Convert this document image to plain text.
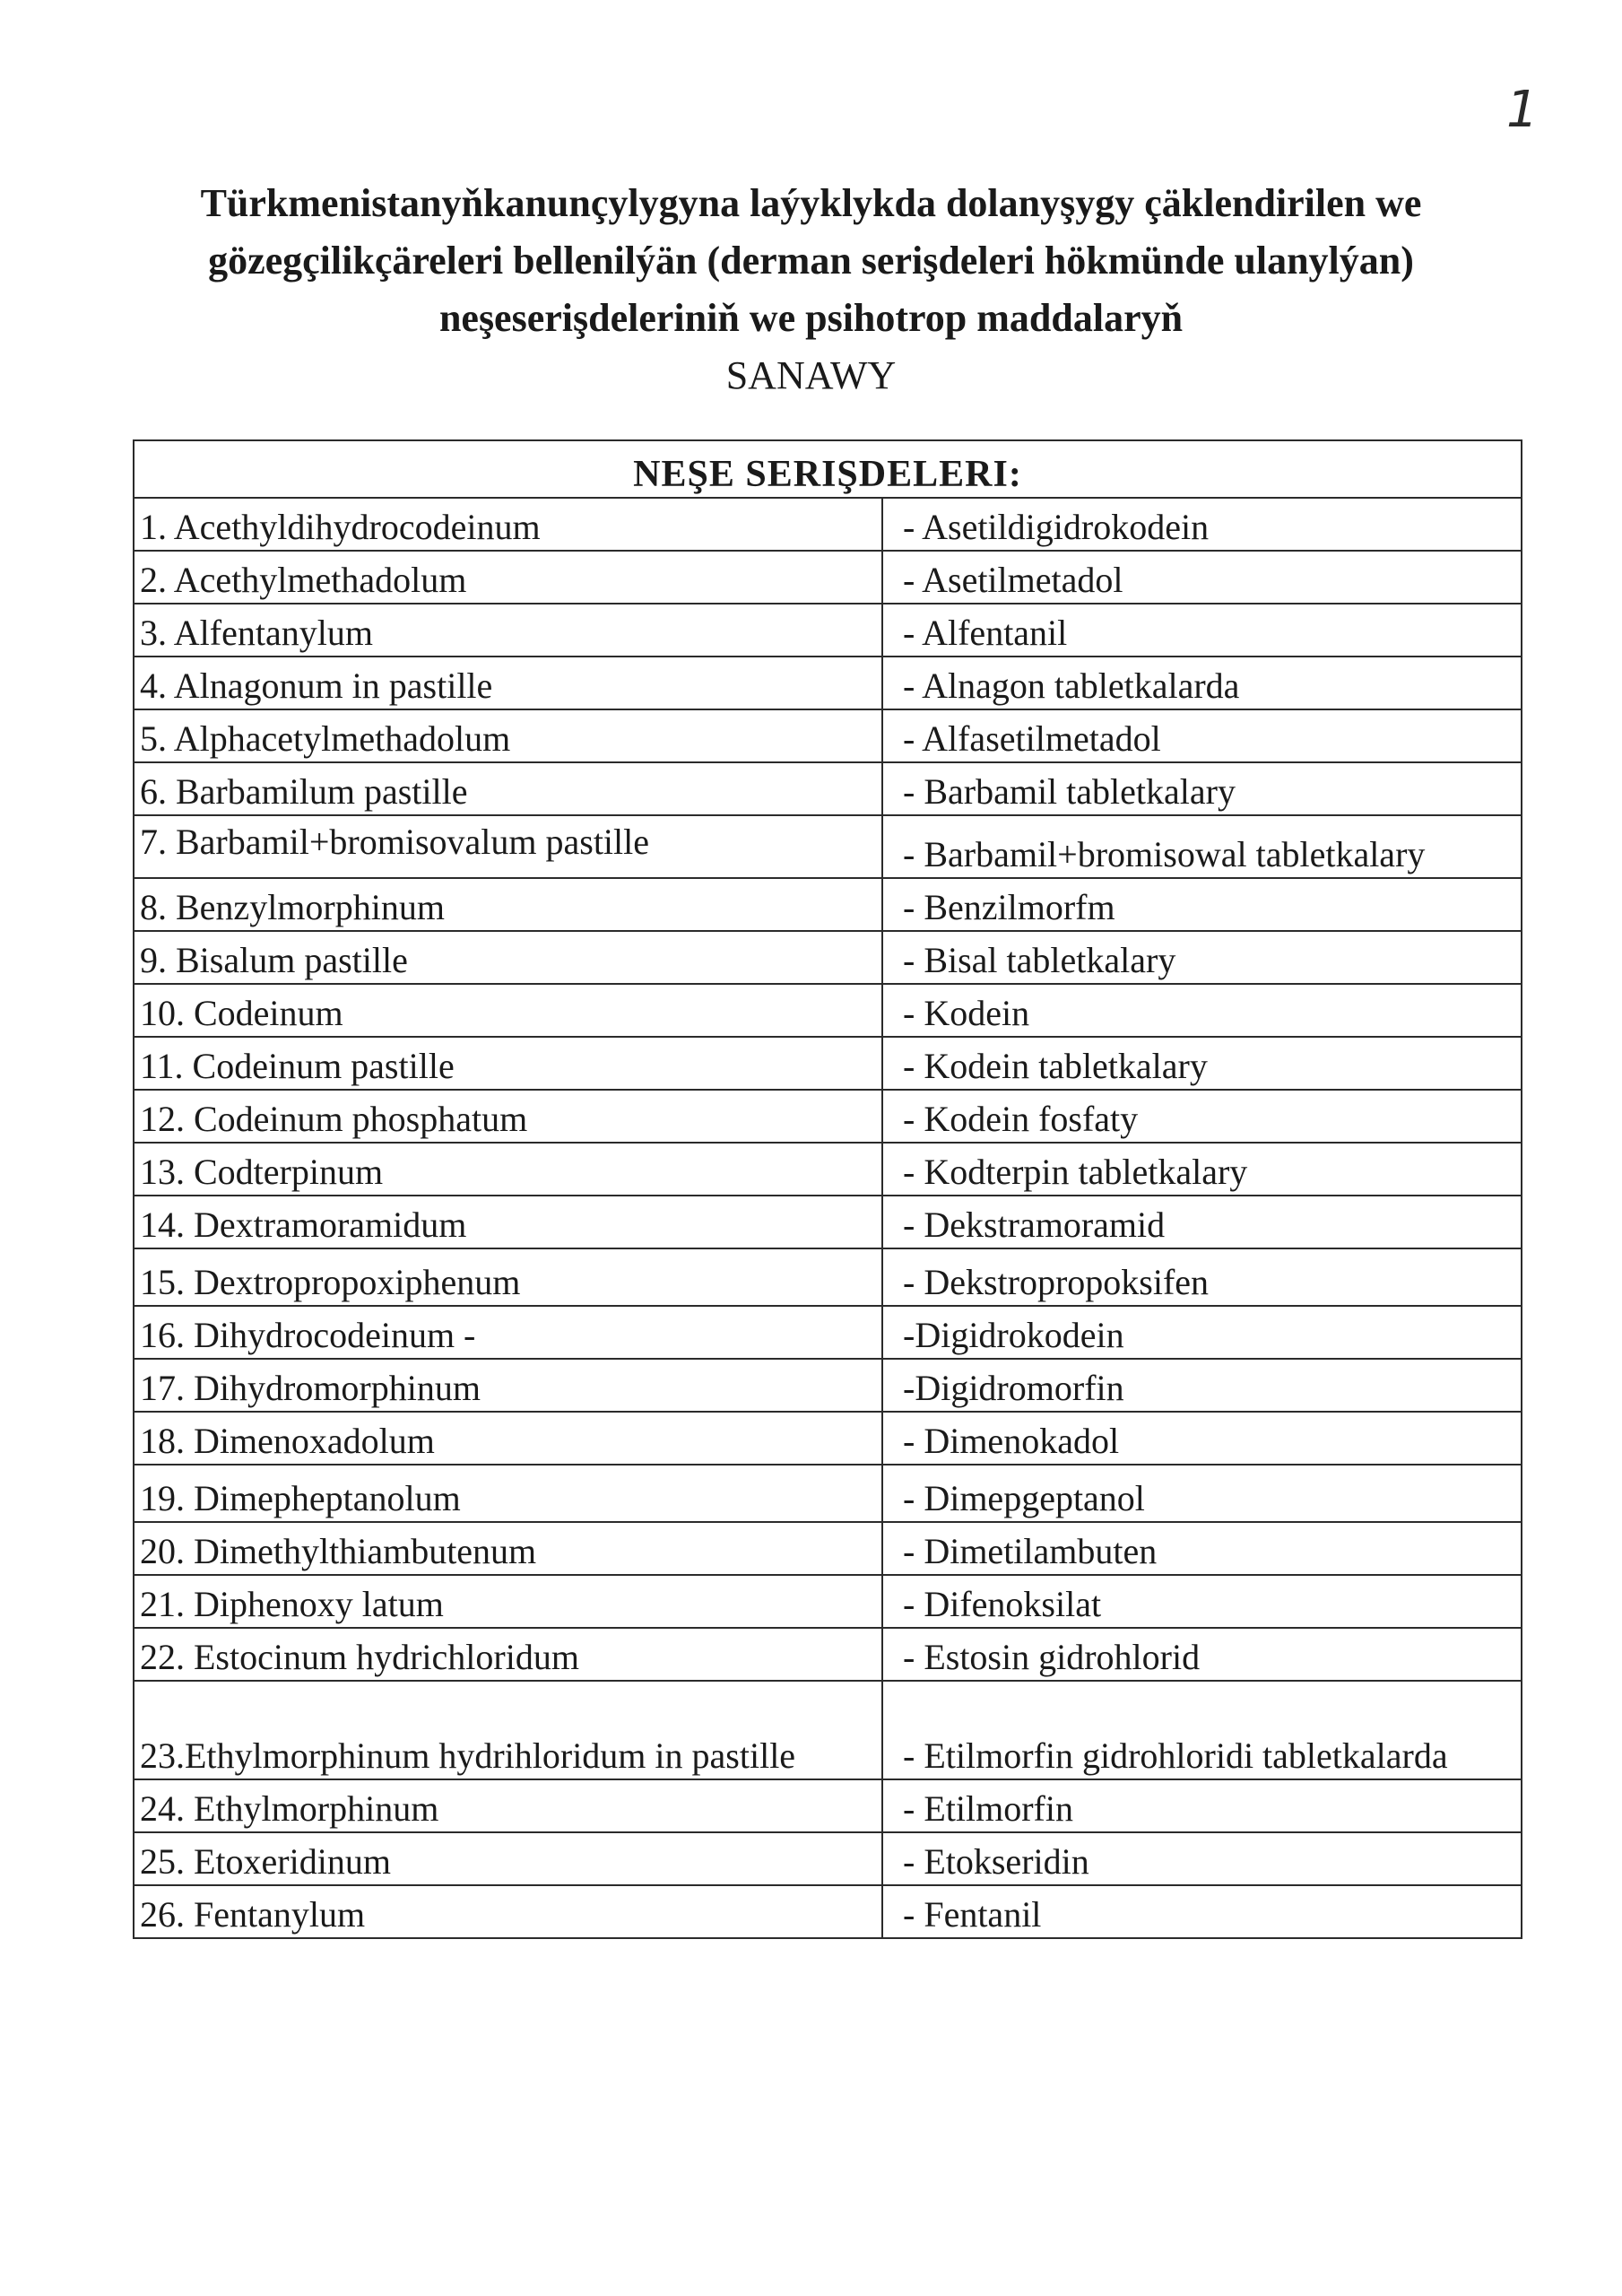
1
Türkmenistanyňkanunçylygyna laýyklykda dolanyşygy çäklendirilen we
gözegçilikçäreleri bellenilýän (derman serişdeleri hökmünde ulanylýan)
neşeserişdeleriniň we psihotrop maddalaryň
SANAWY
NEŞE SERIŞDELERI:	
1. Acethyldihydrocodeinum	- Asetildigidrokodein
2. Acethylmethadolum	- Asetilmetadol
3. Alfentanylum	- Alfentanil
4. Alnagonum in pastille	- Alnagon tabletkalarda
5. Alphacetylmethadolum	- Alfasetilmetadol
6. Barbamilum pastille	- Barbamil tabletkalary
7. Barbamil+bromisovalum pastille	- Barbamil+bromisowal tabletkalary
8. Benzylmorphinum	- Benzilmorfm
9. Bisalum pastille	- Bisal tabletkalary
10. Codeinum	- Kodein
11. Codeinum pastille	- Kodein tabletkalary
12. Codeinum phosphatum	- Kodein fosfaty
13. Codterpinum	- Kodterpin tabletkalary
14. Dextramoramidum	- Dekstramoramid
15. Dextropropoxiphenum	- Dekstropropoksifen
16. Dihydrocodeinum -	-Digidrokodein
17. Dihydromorphinum	-Digidromorfin
18. Dimenoxadolum	- Dimenokadol
19. Dimepheptanolum	- Dimepgeptanol
20. Dimethylthiambutenum	- Dimetilambuten
21. Diphenoxy latum	- Difenoksilat
22. Estocinum hydrichloridum	- Estosin gidrohlorid
23.Ethylmorphinum hydrihloridum in pastille	- Etilmorfin gidrohloridi tabletkalarda
24. Ethylmorphinum	- Etilmorfin
25. Etoxeridinum	- Etokseridin
26. Fentanylum	- Fentanil
